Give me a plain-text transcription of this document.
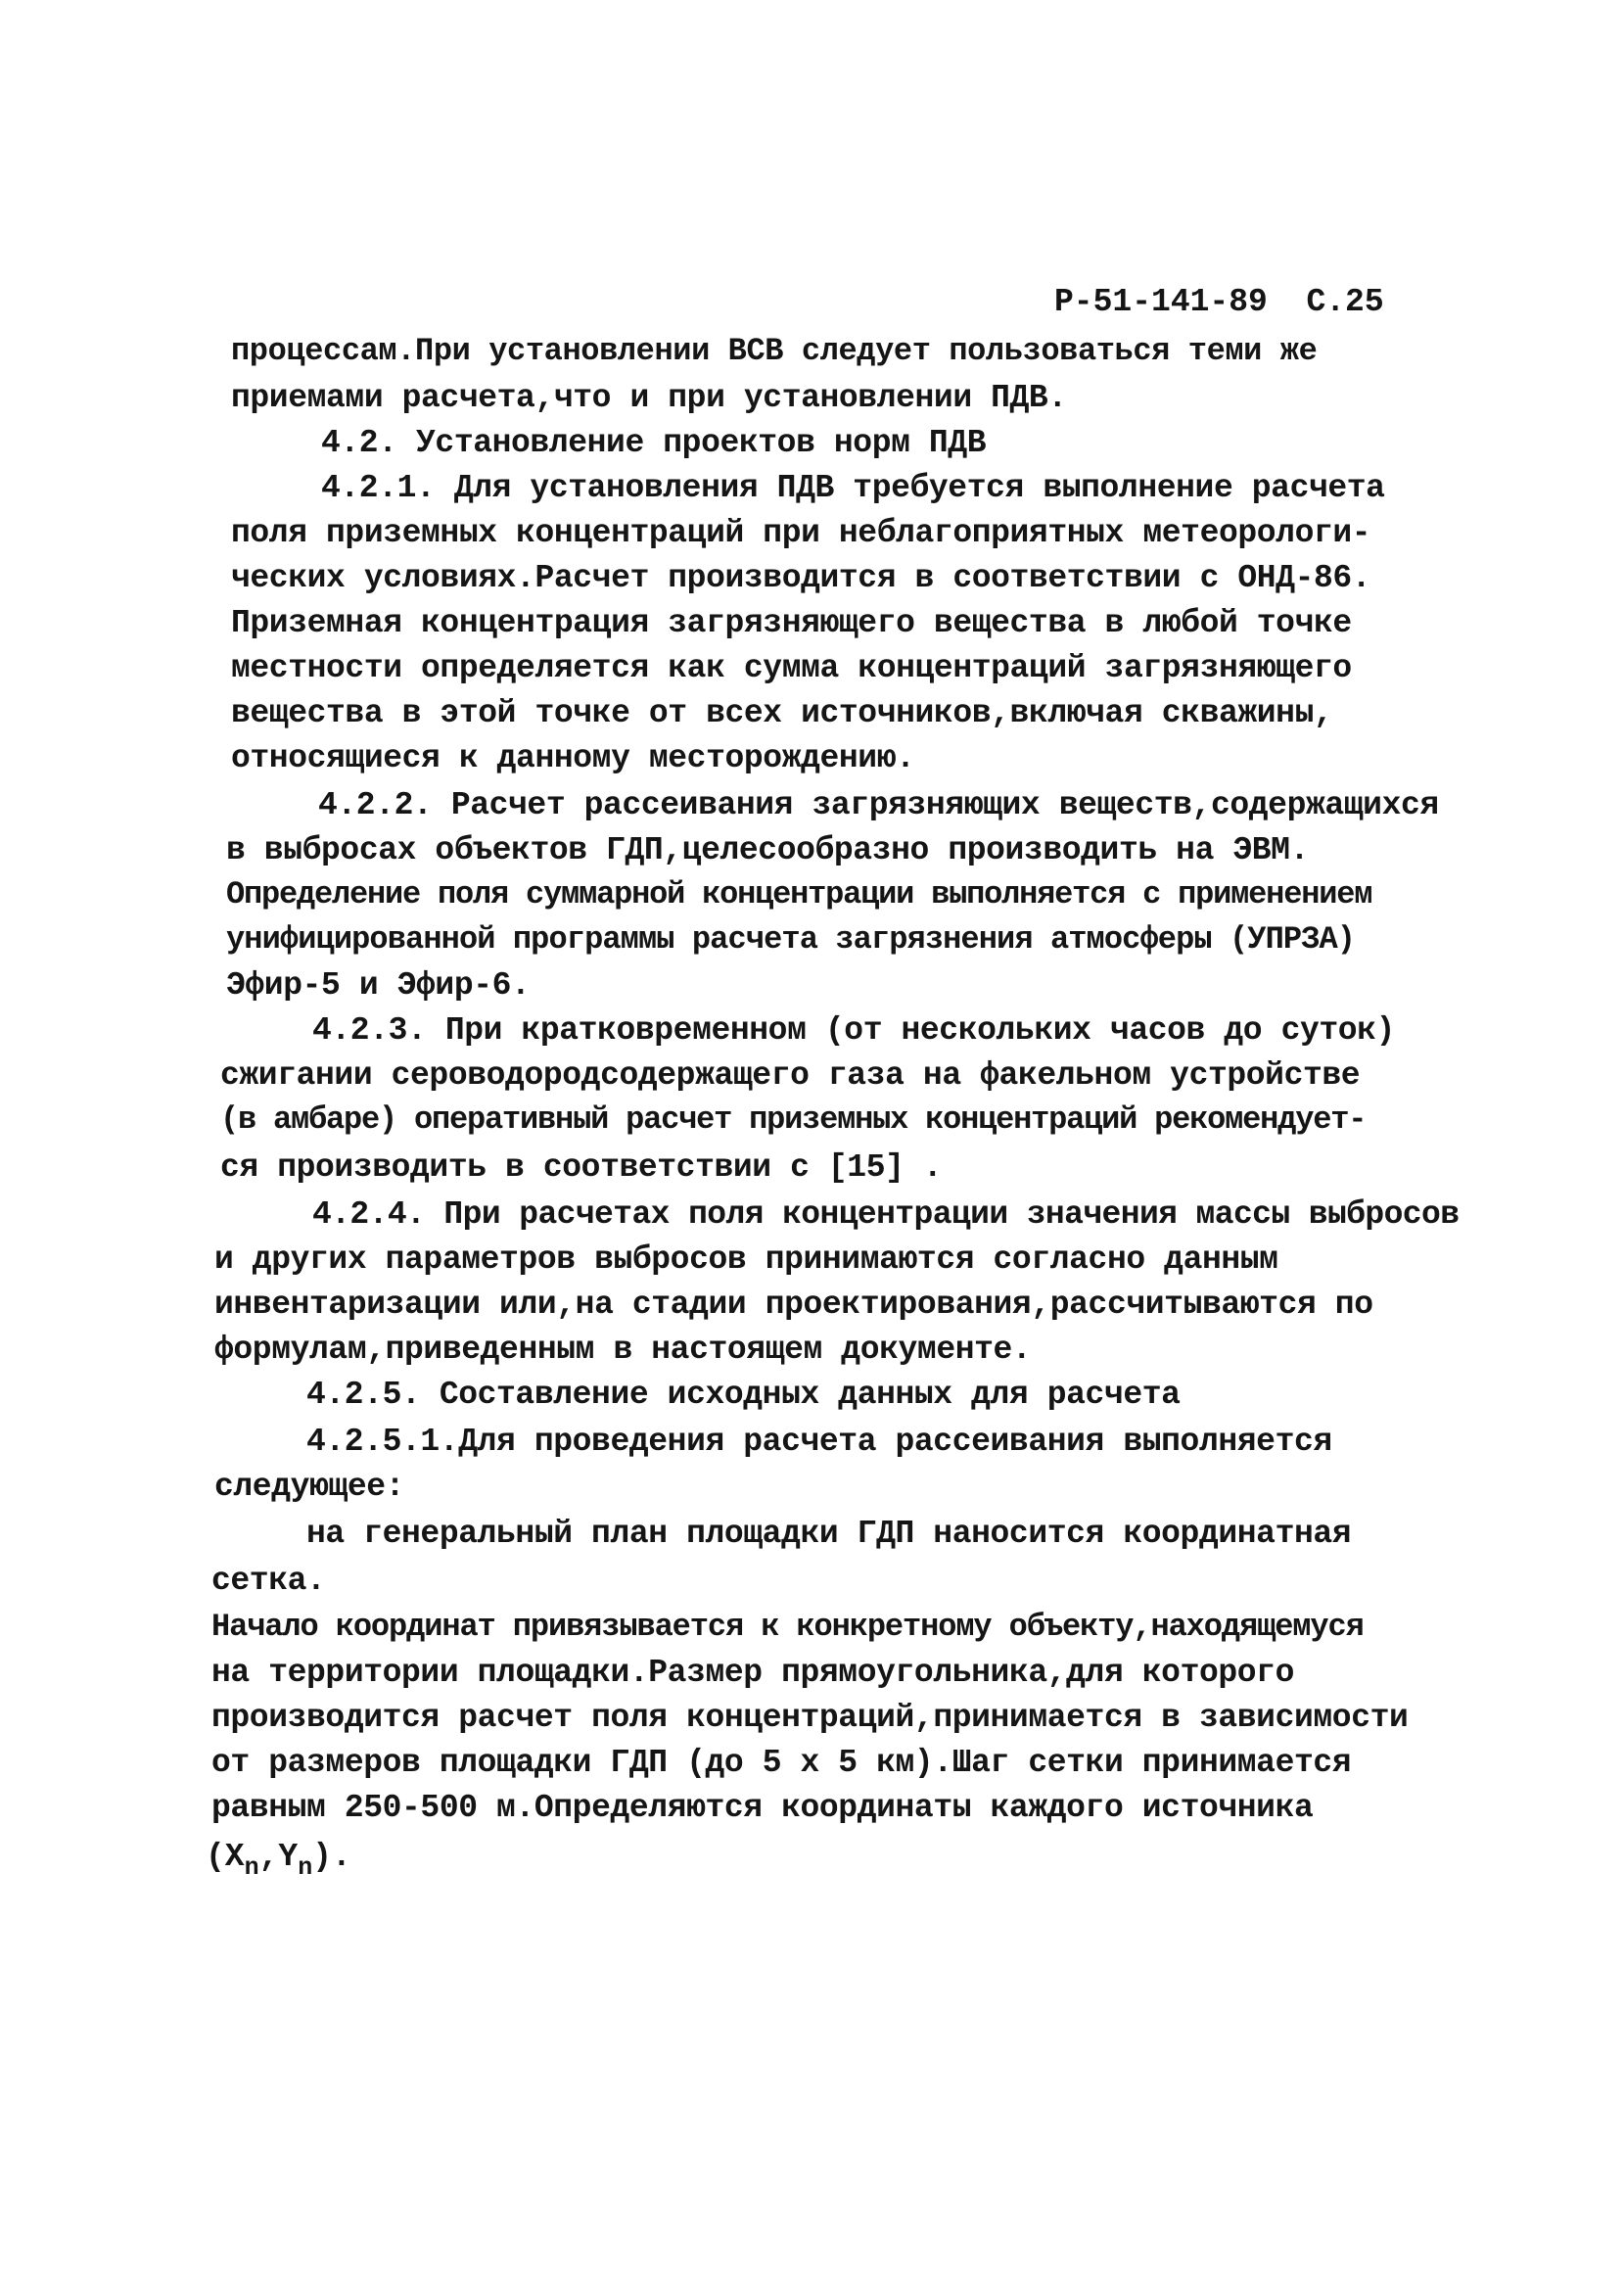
Р-51-141-89 С.25
процессам.При установлении ВСВ следует пользоваться теми же
приемами расчета,что и при установлении ПДВ.
4.2. Установление проектов норм ПДВ
4.2.1. Для установления ПДВ требуется выполнение расчета
поля приземных концентраций при неблагоприятных метеорологи-
ческих условиях.Расчет производится в соответствии с ОНД-86.
Приземная концентрация загрязняющего вещества в любой точке
местности определяется как сумма концентраций загрязняющего
вещества в этой точке от всех источников,включая скважины,
относящиеся к данному месторождению.
4.2.2. Расчет рассеивания загрязняющих веществ,содержащихся
в выбросах объектов ГДП,целесообразно производить на ЭВМ.
Определение поля суммарной концентрации выполняется с применением
унифицированной программы расчета загрязнения атмосферы (УПРЗА)
Эфир-5 и Эфир-6.
4.2.3. При кратковременном (от нескольких часов до суток)
сжигании сероводородсодержащего газа на факельном устройстве
(в амбаре) оперативный расчет приземных концентраций рекомендует-
ся производить в соответствии с [15] .
4.2.4. При расчетах поля концентрации значения массы выбросов
и других параметров выбросов принимаются согласно данным
инвентаризации или,на стадии проектирования,рассчитываются по
формулам,приведенным в настоящем документе.
4.2.5. Составление исходных данных для расчета
4.2.5.1.Для проведения расчета рассеивания выполняется
следующее:
на генеральный план площадки ГДП наносится координатная
сетка.
Начало координат привязывается к конкретному объекту,находящемуся
на территории площадки.Размер прямоугольника,для которого
производится расчет поля концентраций,принимается в зависимости
от размеров площадки ГДП (до 5 х 5 км).Шаг сетки принимается
равным 250-500 м.Определяются координаты каждого источника
$(X_n,Y_n)$.
